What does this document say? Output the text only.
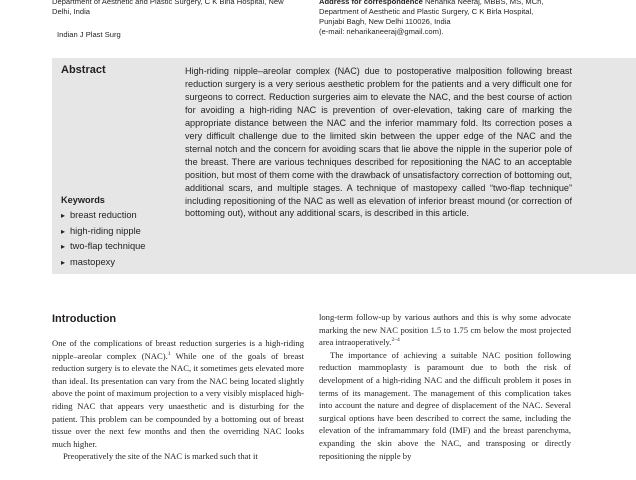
Department of Aesthetic and Plastic Surgery, C K Birla Hospital, New
Delhi, India
Indian J Plast Surg
Address for correspondence Neharika Neeraj, MBBS, MS, MCh,
Department of Aesthetic and Plastic Surgery, C K Birla Hospital,
Punjabi Bagh, New Delhi 110026, India
(e-mail: neharikaneeraj@gmail.com).
Abstract	High-riding nipple–areolar complex (NAC) due to postoperative malposition following breast reduction surgery is a very serious aesthetic problem for the patients and a very difficult one for surgeons to correct. Reduction surgeries aim to elevate the NAC, and the best course of action for avoiding a high-riding NAC is prevention of over-elevation, taking care of marking the appropriate distance between the NAC and the inferior mammary fold. Its correction poses a very difficult challenge due to the limited skin between the upper edge of the NAC and the sternal notch and the concern for avoiding scars that lie above the nipple in the superior pole of the breast. There are various techniques described for repositioning the NAC to an acceptable position, but most of them come with the drawback of unsatisfactory correction of bottoming out, additional scars, and multiple stages. A technique of mastopexy called “two-flap technique” including repositioning of the NAC as well as elevation of inferior breast mound (or correction of bottoming out), without any additional scars, is described in this article.
Keywords
▸ breast reduction
▸ high-riding nipple
▸ two-flap technique
▸ mastopexy
Introduction

One of the complications of breast reduction surgeries is a high-riding nipple–areolar complex (NAC).$^1$ While one of the goals of breast reduction surgery is to elevate the NAC, it sometimes gets elevated more than ideal. Its presentation can vary from the NAC being located slightly above the point of maximum projection to a very visibly misplaced high-riding NAC that appears very unaesthetic and is disturbing for the patient. This problem can be compounded by a bottoming out of breast tissue over the next few months and then the overriding NAC looks much higher.

Preoperatively the site of the NAC is marked such that it

long-term follow-up by various authors and this is why some advocate marking the new NAC position 1.5 to 1.75 cm below the most projected area intraoperatively.$^{2-4}$

The importance of achieving a suitable NAC position following reduction mammoplasty is paramount due to both the risk of development of a high-riding NAC and the difficult problem it poses in terms of its management. The management of this complication takes into account the nature and degree of displacement of the NAC. Several surgical options have been described to correct the same, including the elevation of the inframammary fold (IMF) and the breast parenchyma, expanding the skin above the NAC, and transposing or directly repositioning the nipple by
